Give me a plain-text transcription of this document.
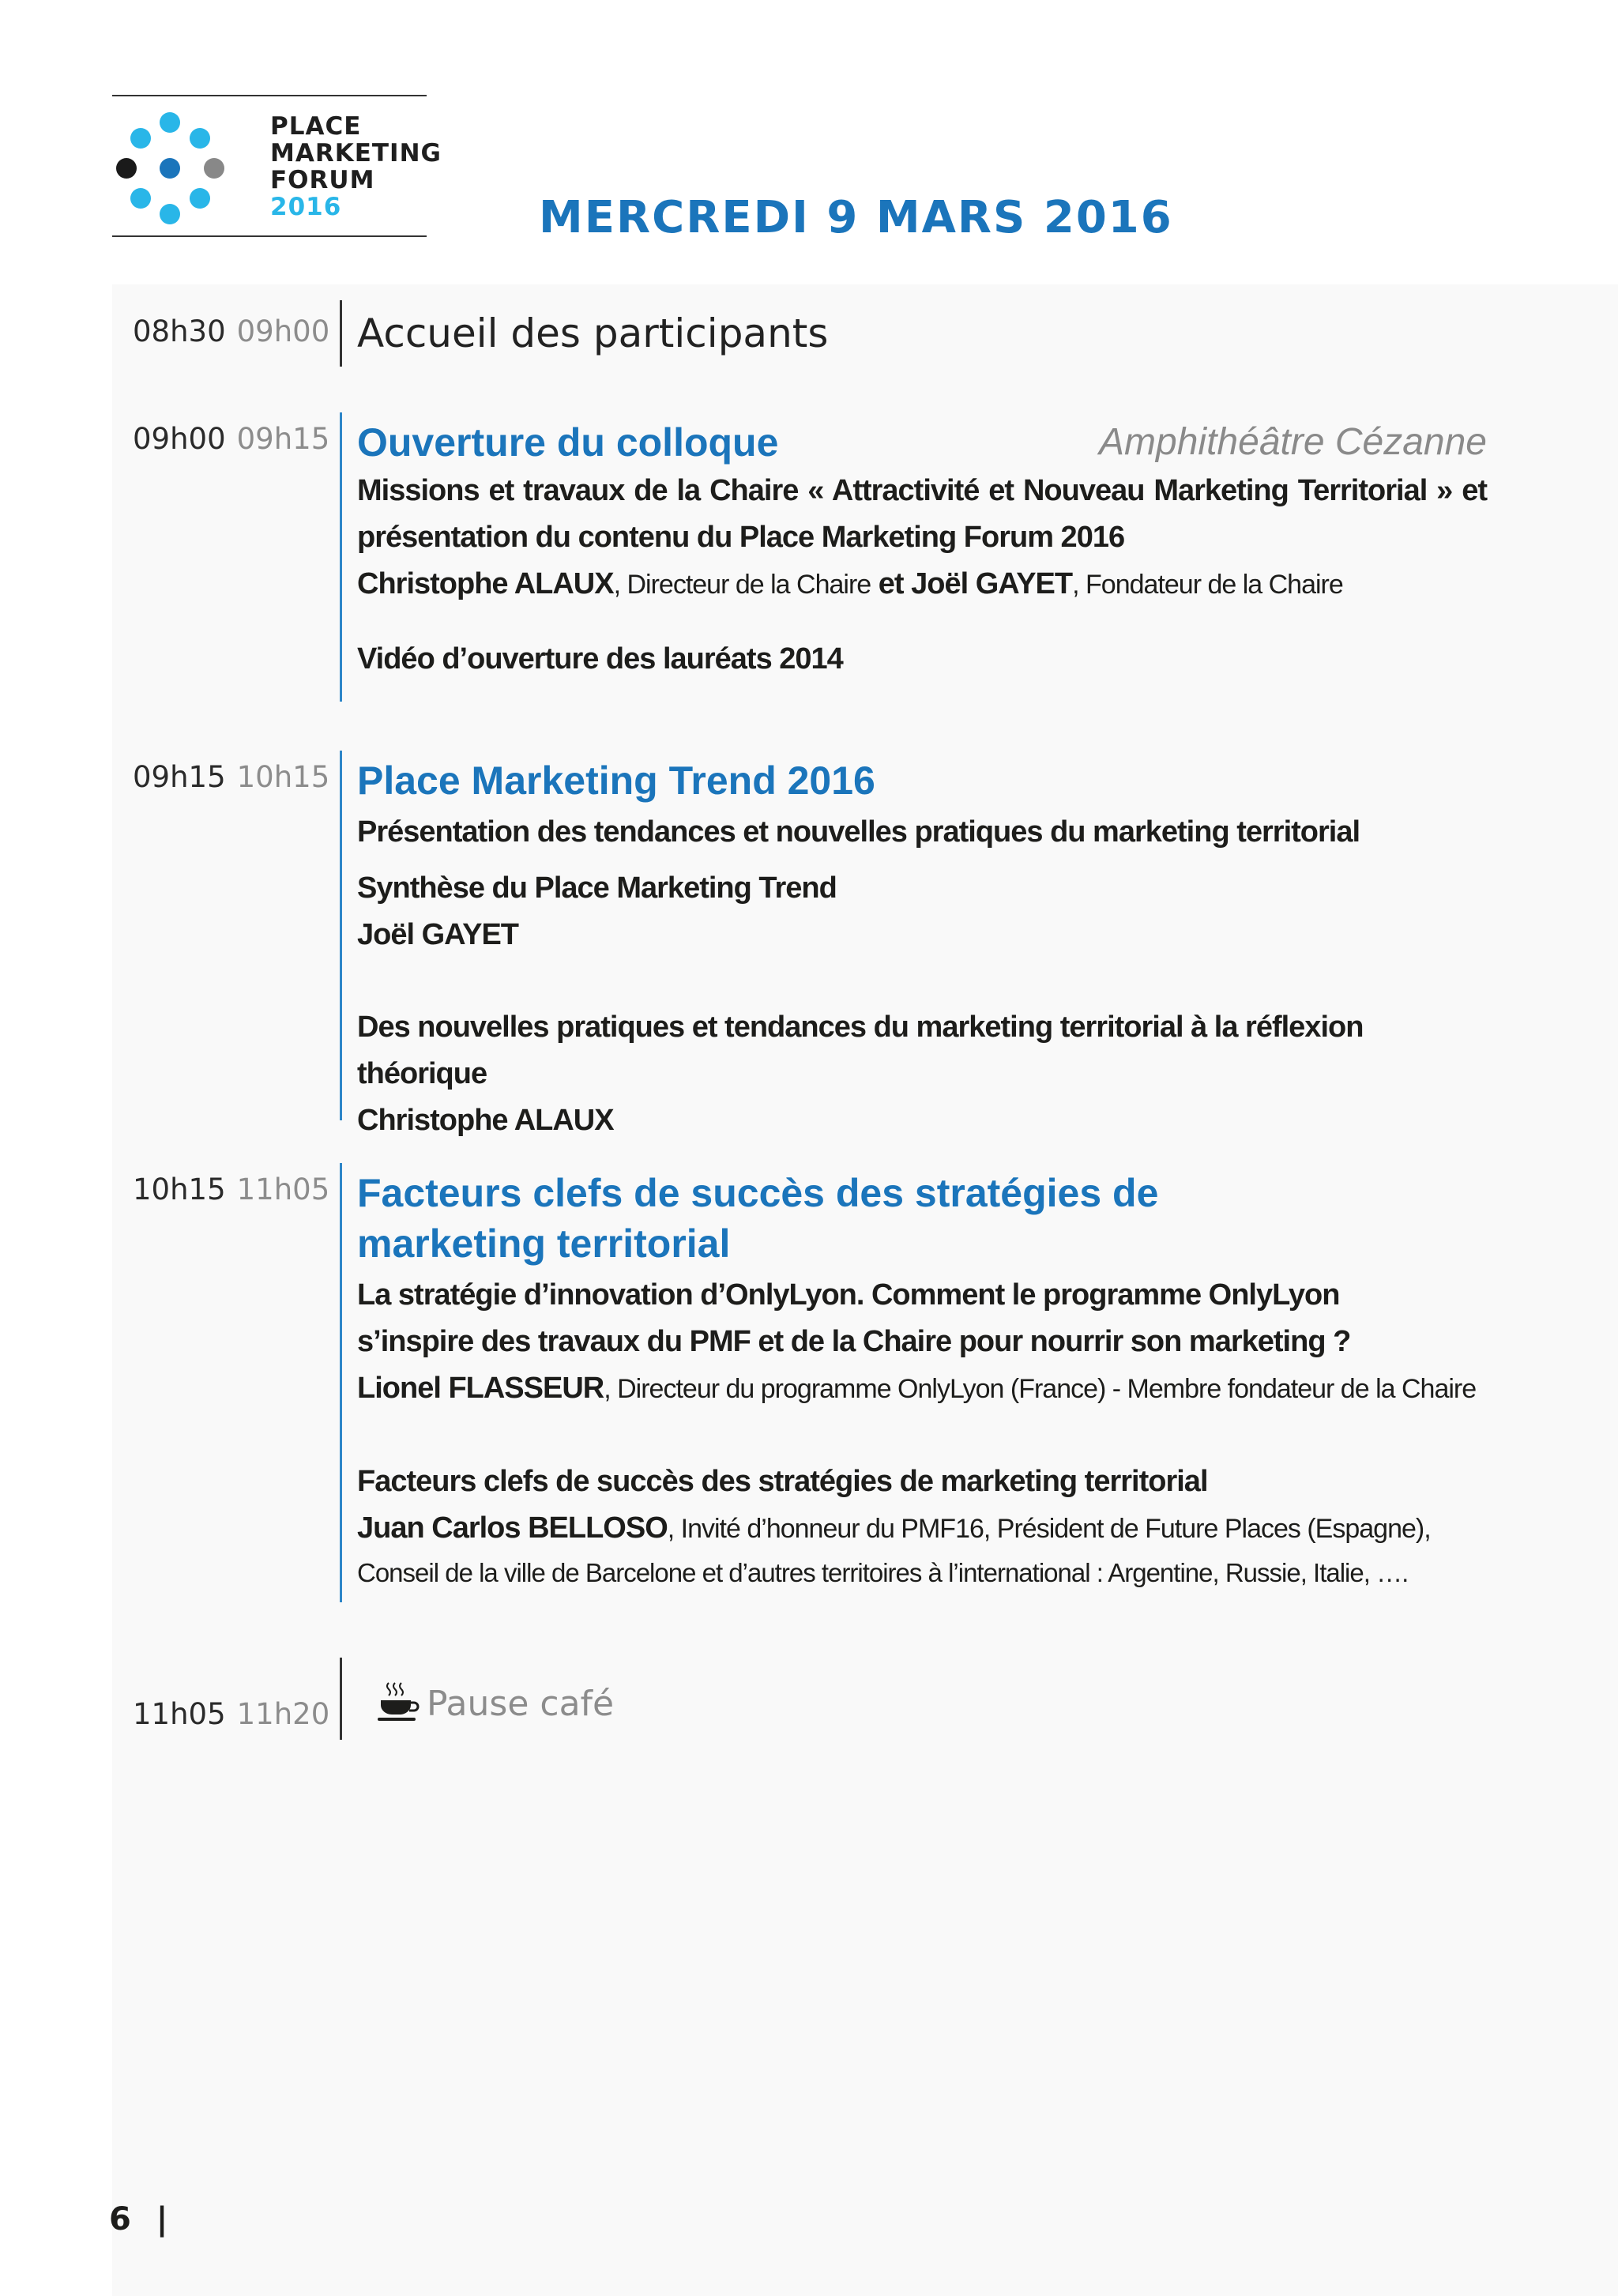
PLACE
MARKETING
FORUM
2016	MERCREDI 9 MARS 2016
08h30 09h00 Accueil des participants
09h00 09h15 Ouverture du colloque	Amphithéâtre Cézanne
Missions et travaux de la Chaire « Attractivité et Nouveau Marketing Territorial » et présentation du contenu du Place Marketing Forum 2016
Christophe ALAUX, Directeur de la Chaire et Joël GAYET, Fondateur de la Chaire
Vidéo d’ouverture des lauréats 2014
09h15 10h15 Place Marketing Trend 2016
Présentation des tendances et nouvelles pratiques du marketing territorial
Synthèse du Place Marketing Trend
Joël GAYET
Des nouvelles pratiques et tendances du marketing territorial à la réflexion théorique
Christophe ALAUX
10h15 11h05 Facteurs clefs de succès des stratégies de marketing territorial
La stratégie d’innovation d’OnlyLyon. Comment le programme OnlyLyon s’inspire des travaux du PMF et de la Chaire pour nourrir son marketing ?
Lionel FLASSEUR, Directeur du programme OnlyLyon (France) - Membre fondateur de la Chaire
Facteurs clefs de succès des stratégies de marketing territorial
Juan Carlos BELLOSO, Invité d’honneur du PMF16, Président de Future Places (Espagne),
Conseil de la ville de Barcelone et d’autres territoires à l’international : Argentine, Russie, Italie, ….
11h05 11h20	Pause café
6 |
